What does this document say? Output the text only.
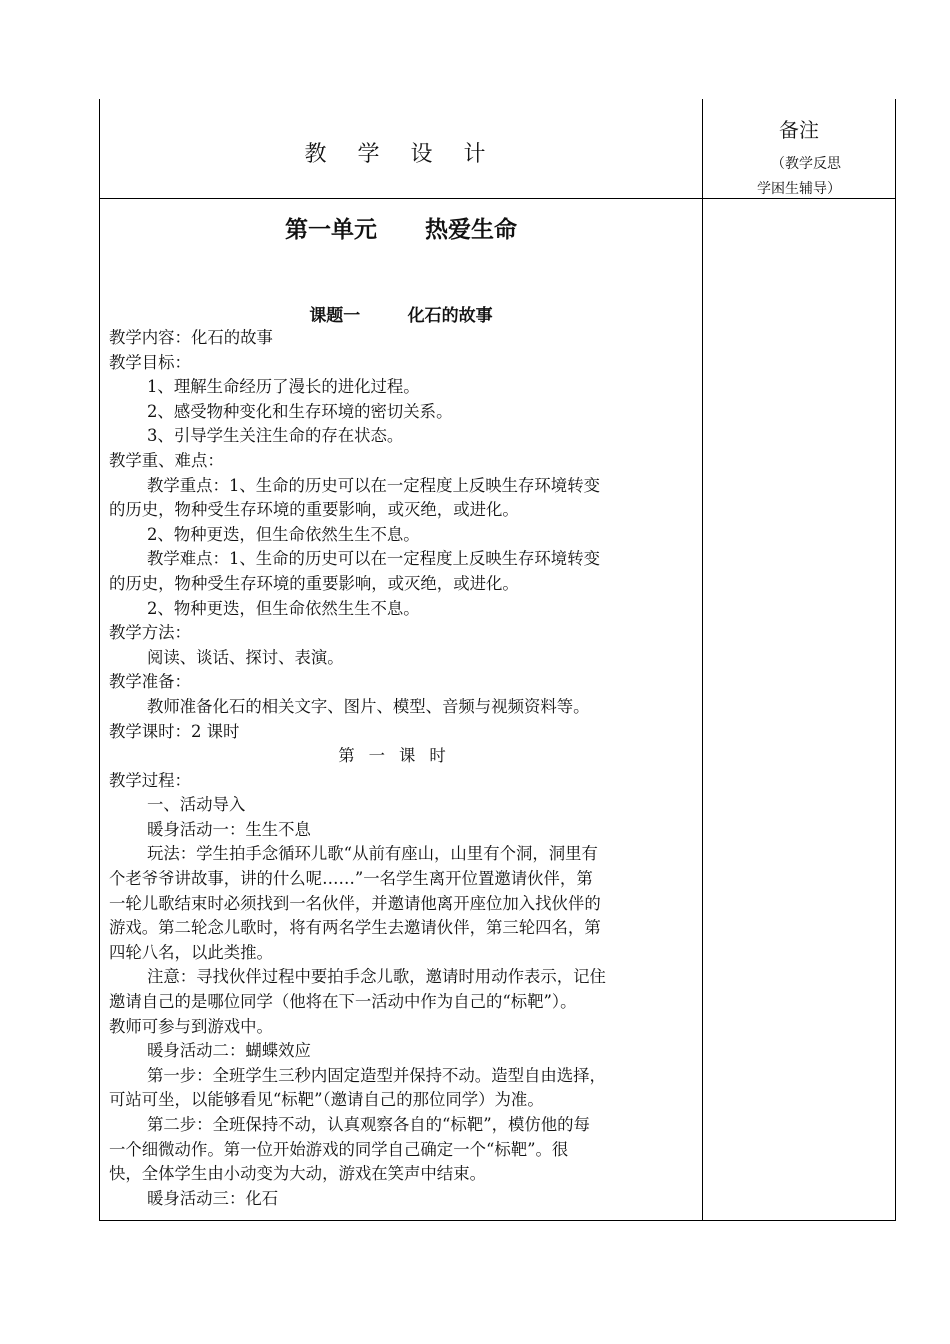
教 学 设 计
备注
（教学反思
学困生辅导）
第一单元      热爱生命
课题一        化石的故事

教学内容：化石的故事

教学目标：

1、理解生命经历了漫长的进化过程。

2、感受物种变化和生存环境的密切关系。

3、引导学生关注生命的存在状态。

教学重、难点：

教学重点：1、生命的历史可以在一定程度上反映生存环境转变

的历史，物种受生存环境的重要影响，或灭绝，或进化。

2、物种更迭，但生命依然生生不息。

教学难点：1、生命的历史可以在一定程度上反映生存环境转变

的历史，物种受生存环境的重要影响，或灭绝，或进化。

2、物种更迭，但生命依然生生不息。

教学方法：

阅读、谈话、探讨、表演。

教学准备：

教师准备化石的相关文字、图片、模型、音频与视频资料等。

教学课时：2 课时

第一课时

教学过程：

一、活动导入

暖身活动一：生生不息

玩法：学生拍手念循环儿歌“从前有座山，山里有个洞，洞里有

个老爷爷讲故事，讲的什么呢……”一名学生离开位置邀请伙伴，第

一轮儿歌结束时必须找到一名伙伴，并邀请他离开座位加入找伙伴的

游戏。第二轮念儿歌时，将有两名学生去邀请伙伴，第三轮四名，第

四轮八名，以此类推。

注意：寻找伙伴过程中要拍手念儿歌，邀请时用动作表示，记住

邀请自己的是哪位同学（他将在下一活动中作为自己的“标靶”）。

教师可参与到游戏中。

暖身活动二：蝴蝶效应

第一步：全班学生三秒内固定造型并保持不动。造型自由选择，

可站可坐，以能够看见“标靶”（邀请自己的那位同学）为准。

第二步：全班保持不动，认真观察各自的“标靶”，模仿他的每

一个细微动作。第一位开始游戏的同学自己确定一个“标靶”。很

快，全体学生由小动变为大动，游戏在笑声中结束。

暖身活动三：化石
